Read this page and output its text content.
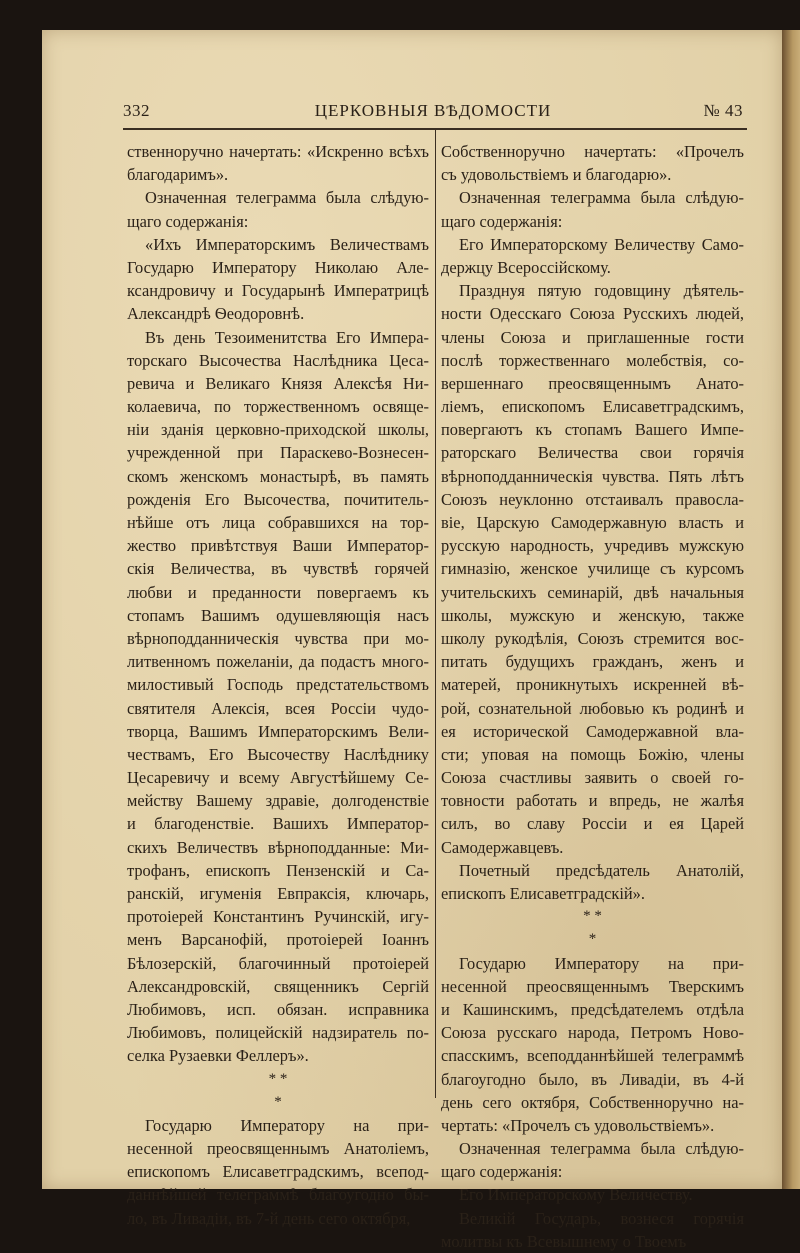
332	ЦЕРКОВНЫЯ ВѢДОМОСТИ	№ 43
ственноручно начертать: «Искренно всѣхъ
благодаримъ».
Означенная телеграмма была слѣдую-
щаго содержанія:
«Ихъ Императорскимъ Величествамъ
Государю Императору Николаю Але-
ксандровичу и Государынѣ Императрицѣ
Александрѣ Ѳеодоровнѣ.
Въ день Тезоименитства Его Импера-
торскаго Высочества Наслѣдника Цеса-
ревича и Великаго Князя Алексѣя Ни-
колаевича, по торжественномъ освяще-
ніи зданія церковно-приходской школы,
учрежденной при Параскево-Вознесен-
скомъ женскомъ монастырѣ, въ память
рожденія Его Высочества, почититель-
нѣйше отъ лица собравшихся на тор-
жество привѣтствуя Ваши Император-
скія Величества, въ чувствѣ горячей
любви и преданности повергаемъ къ
стопамъ Вашимъ одушевляющія насъ
вѣрноподданническія чувства при мо-
литвенномъ пожеланіи, да подастъ много-
милостивый Господь предстательствомъ
святителя Алексія, всея Россіи чудо-
творца, Вашимъ Императорскимъ Вели-
чествамъ, Его Высочеству Наслѣднику
Цесаревичу и всему Августѣйшему Се-
мейству Вашему здравіе, долгоденствіе
и благоденствіе. Вашихъ Император-
скихъ Величествъ вѣрноподданные: Ми-
трофанъ, епископъ Пензенскій и Са-
ранскій, игуменія Евпраксія, ключарь,
протоіерей Константинъ Ручинскій, игу-
менъ Варсанофій, протоіерей Іоаннъ
Бѣлозерскій, благочинный протоіерей
Александровскій, священникъ Сергій
Любимовъ, исп. обязан. исправника
Любимовъ, полицейскій надзиратель по-
селка Рузаевки Феллеръ».
* *
*
Государю Императору на при-
несенной преосвященнымъ Анатоліемъ,
епископомъ Елисаветградскимъ, всепод-
даннѣйшей телеграммѣ благоугодно бы-
ло, въ Ливадіи, въ 7-й день сего октября,
Собственноручно начертать: «Прочелъ
съ удовольствіемъ и благодарю».
Означенная телеграмма была слѣдую-
щаго содержанія:
Его Императорскому Величеству Само-
держцу Всероссійскому.
Празднуя пятую годовщину дѣятель-
ности Одесскаго Союза Русскихъ людей,
члены Союза и приглашенные гости
послѣ торжественнаго молебствія, со-
вершеннаго преосвященнымъ Анато-
ліемъ, епископомъ Елисаветградскимъ,
повергаютъ къ стопамъ Вашего Импе-
раторскаго Величества свои горячія
вѣрноподданническія чувства. Пять лѣтъ
Союзъ неуклонно отстаивалъ правосла-
віе, Царскую Самодержавную власть и
русскую народность, учредивъ мужскую
гимназію, женское училище съ курсомъ
учительскихъ семинарій, двѣ начальныя
школы, мужскую и женскую, также
школу рукодѣлія, Союзъ стремится вос-
питать будущихъ гражданъ, женъ и
матерей, проникнутыхъ искренней вѣ-
рой, сознательной любовью къ родинѣ и
ея исторической Самодержавной вла-
сти; уповая на помощь Божію, члены
Союза счастливы заявить о своей го-
товности работать и впредь, не жалѣя
силъ, во славу Россіи и ея Царей
Самодержавцевъ.
Почетный предсѣдатель Анатолій,
епископъ Елисаветградскій».
* *
*
Государю Императору на при-
несенной преосвященнымъ Тверскимъ
и Кашинскимъ, предсѣдателемъ отдѣла
Союза русскаго народа, Петромъ Ново-
спасскимъ, всеподданнѣйшей телеграммѣ
благоугодно было, въ Ливадіи, въ 4-й
день сего октября, Собственноручно на-
чертать: «Прочелъ съ удовольствіемъ».
Означенная телеграмма была слѣдую-
щаго содержанія:
Его Императорскому Величеству.
Великій Государь, вознеся горячія
молитвы къ Всевышнему о Твоемъ
